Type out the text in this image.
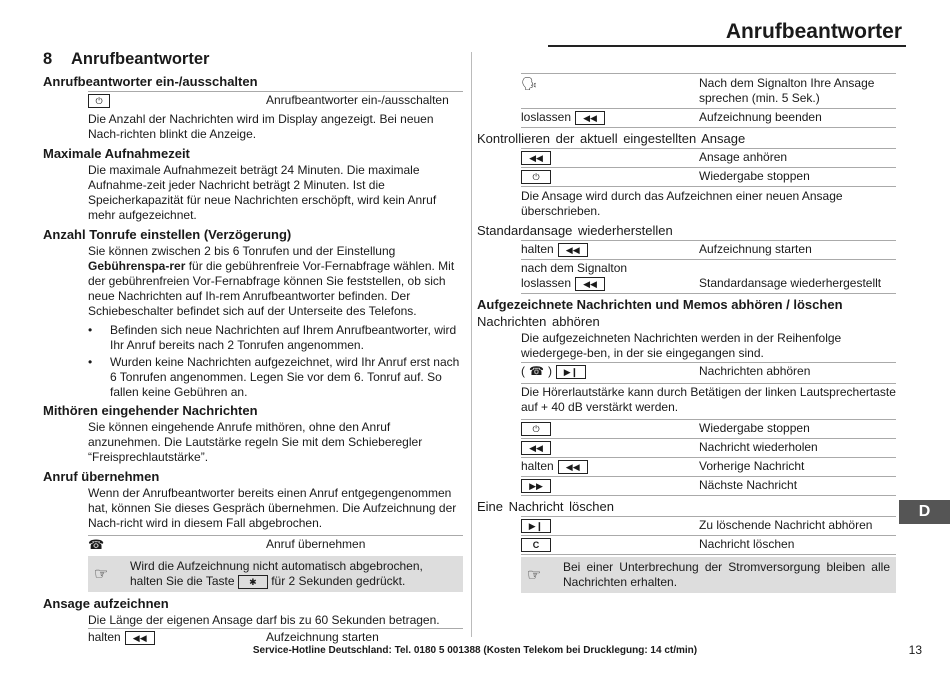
Anrufbeantworter
8 Anrufbeantworter
Anrufbeantworter ein-/ausschalten
⏻	Anrufbeantworter ein-/ausschalten
Die Anzahl der Nachrichten wird im Display angezeigt. Bei neuen Nach-richten blinkt die Anzeige.
Maximale Aufnahmezeit
Die maximale Aufnahmezeit beträgt 24 Minuten. Die maximale Aufnahme-zeit jeder Nachricht beträgt 2 Minuten. Ist die Speicherkapazität für neue Nachrichten erschöpft, wird kein Anruf mehr aufgezeichnet.
Anzahl Tonrufe einstellen (Verzögerung)
Sie können zwischen 2 bis 6 Tonrufen und der Einstellung Gebührenspa-rer für die gebührenfreie Vor-Fernabfrage wählen. Mit der gebührenfreien Vor-Fernabfrage können Sie feststellen, ob sich neue Nachrichten auf Ih-rem Anrufbeantworter befinden. Der Schiebeschalter befindet sich auf der Unterseite des Telefons.
•	Befinden sich neue Nachrichten auf Ihrem Anrufbeantworter, wird Ihr Anruf bereits nach 2 Tonrufen angenommen.
•	Wurden keine Nachrichten aufgezeichnet, wird Ihr Anruf erst nach 6 Tonrufen angenommen. Legen Sie vor dem 6. Tonruf auf. So fallen keine Gebühren an.
Mithören eingehender Nachrichten
Sie können eingehende Anrufe mithören, ohne den Anruf anzunehmen. Die Lautstärke regeln Sie mit dem Schieberegler “Freisprechlautstärke”.
Anruf übernehmen
Wenn der Anrufbeantworter bereits einen Anruf entgegengenommen hat, können Sie dieses Gespräch übernehmen. Die Aufzeichnung der Nach-richt wird in diesem Fall abgebrochen.
☎	Anruf übernehmen
☞	Wird die Aufzeichnung nicht automatisch abgebrochen, halten Sie die Taste ✱ für 2 Sekunden gedrückt.
Ansage aufzeichnen
Die Länge der eigenen Ansage darf bis zu 60 Sekunden betragen.
halten	◀◀	Aufzeichnung starten
🗣	Nach dem Signalton Ihre Ansage sprechen (min. 5 Sek.)
loslassen	◀◀	Aufzeichnung beenden
Kontrollieren der aktuell eingestellten Ansage
◀◀	Ansage anhören
⏻	Wiedergabe stoppen
Die Ansage wird durch das Aufzeichnen einer neuen Ansage überschrieben.
Standardansage wiederherstellen
halten	◀◀	Aufzeichnung starten
nach dem Signalton
loslassen	◀◀	Standardansage wiederhergestellt
Aufgezeichnete Nachrichten und Memos abhören / löschen
Nachrichten abhören
Die aufgezeichneten Nachrichten werden in der Reihenfolge wiedergege-ben, in der sie eingegangen sind.
( ☎ )	▶❙	Nachrichten abhören
Die Hörerlautstärke kann durch Betätigen der linken Lautsprechertaste auf + 40 dB verstärkt werden.
⏻	Wiedergabe stoppen
◀◀	Nachricht wiederholen
halten	◀◀	Vorherige Nachricht
▶▶	Nächste Nachricht
Eine Nachricht löschen
▶❙	Zu löschende Nachricht abhören
C	Nachricht löschen
☞	Bei einer Unterbrechung der Stromversorgung bleiben alle Nachrichten erhalten.
D
Service-Hotline Deutschland: Tel. 0180 5 001388 (Kosten Telekom bei Drucklegung: 14 ct/min)	13
